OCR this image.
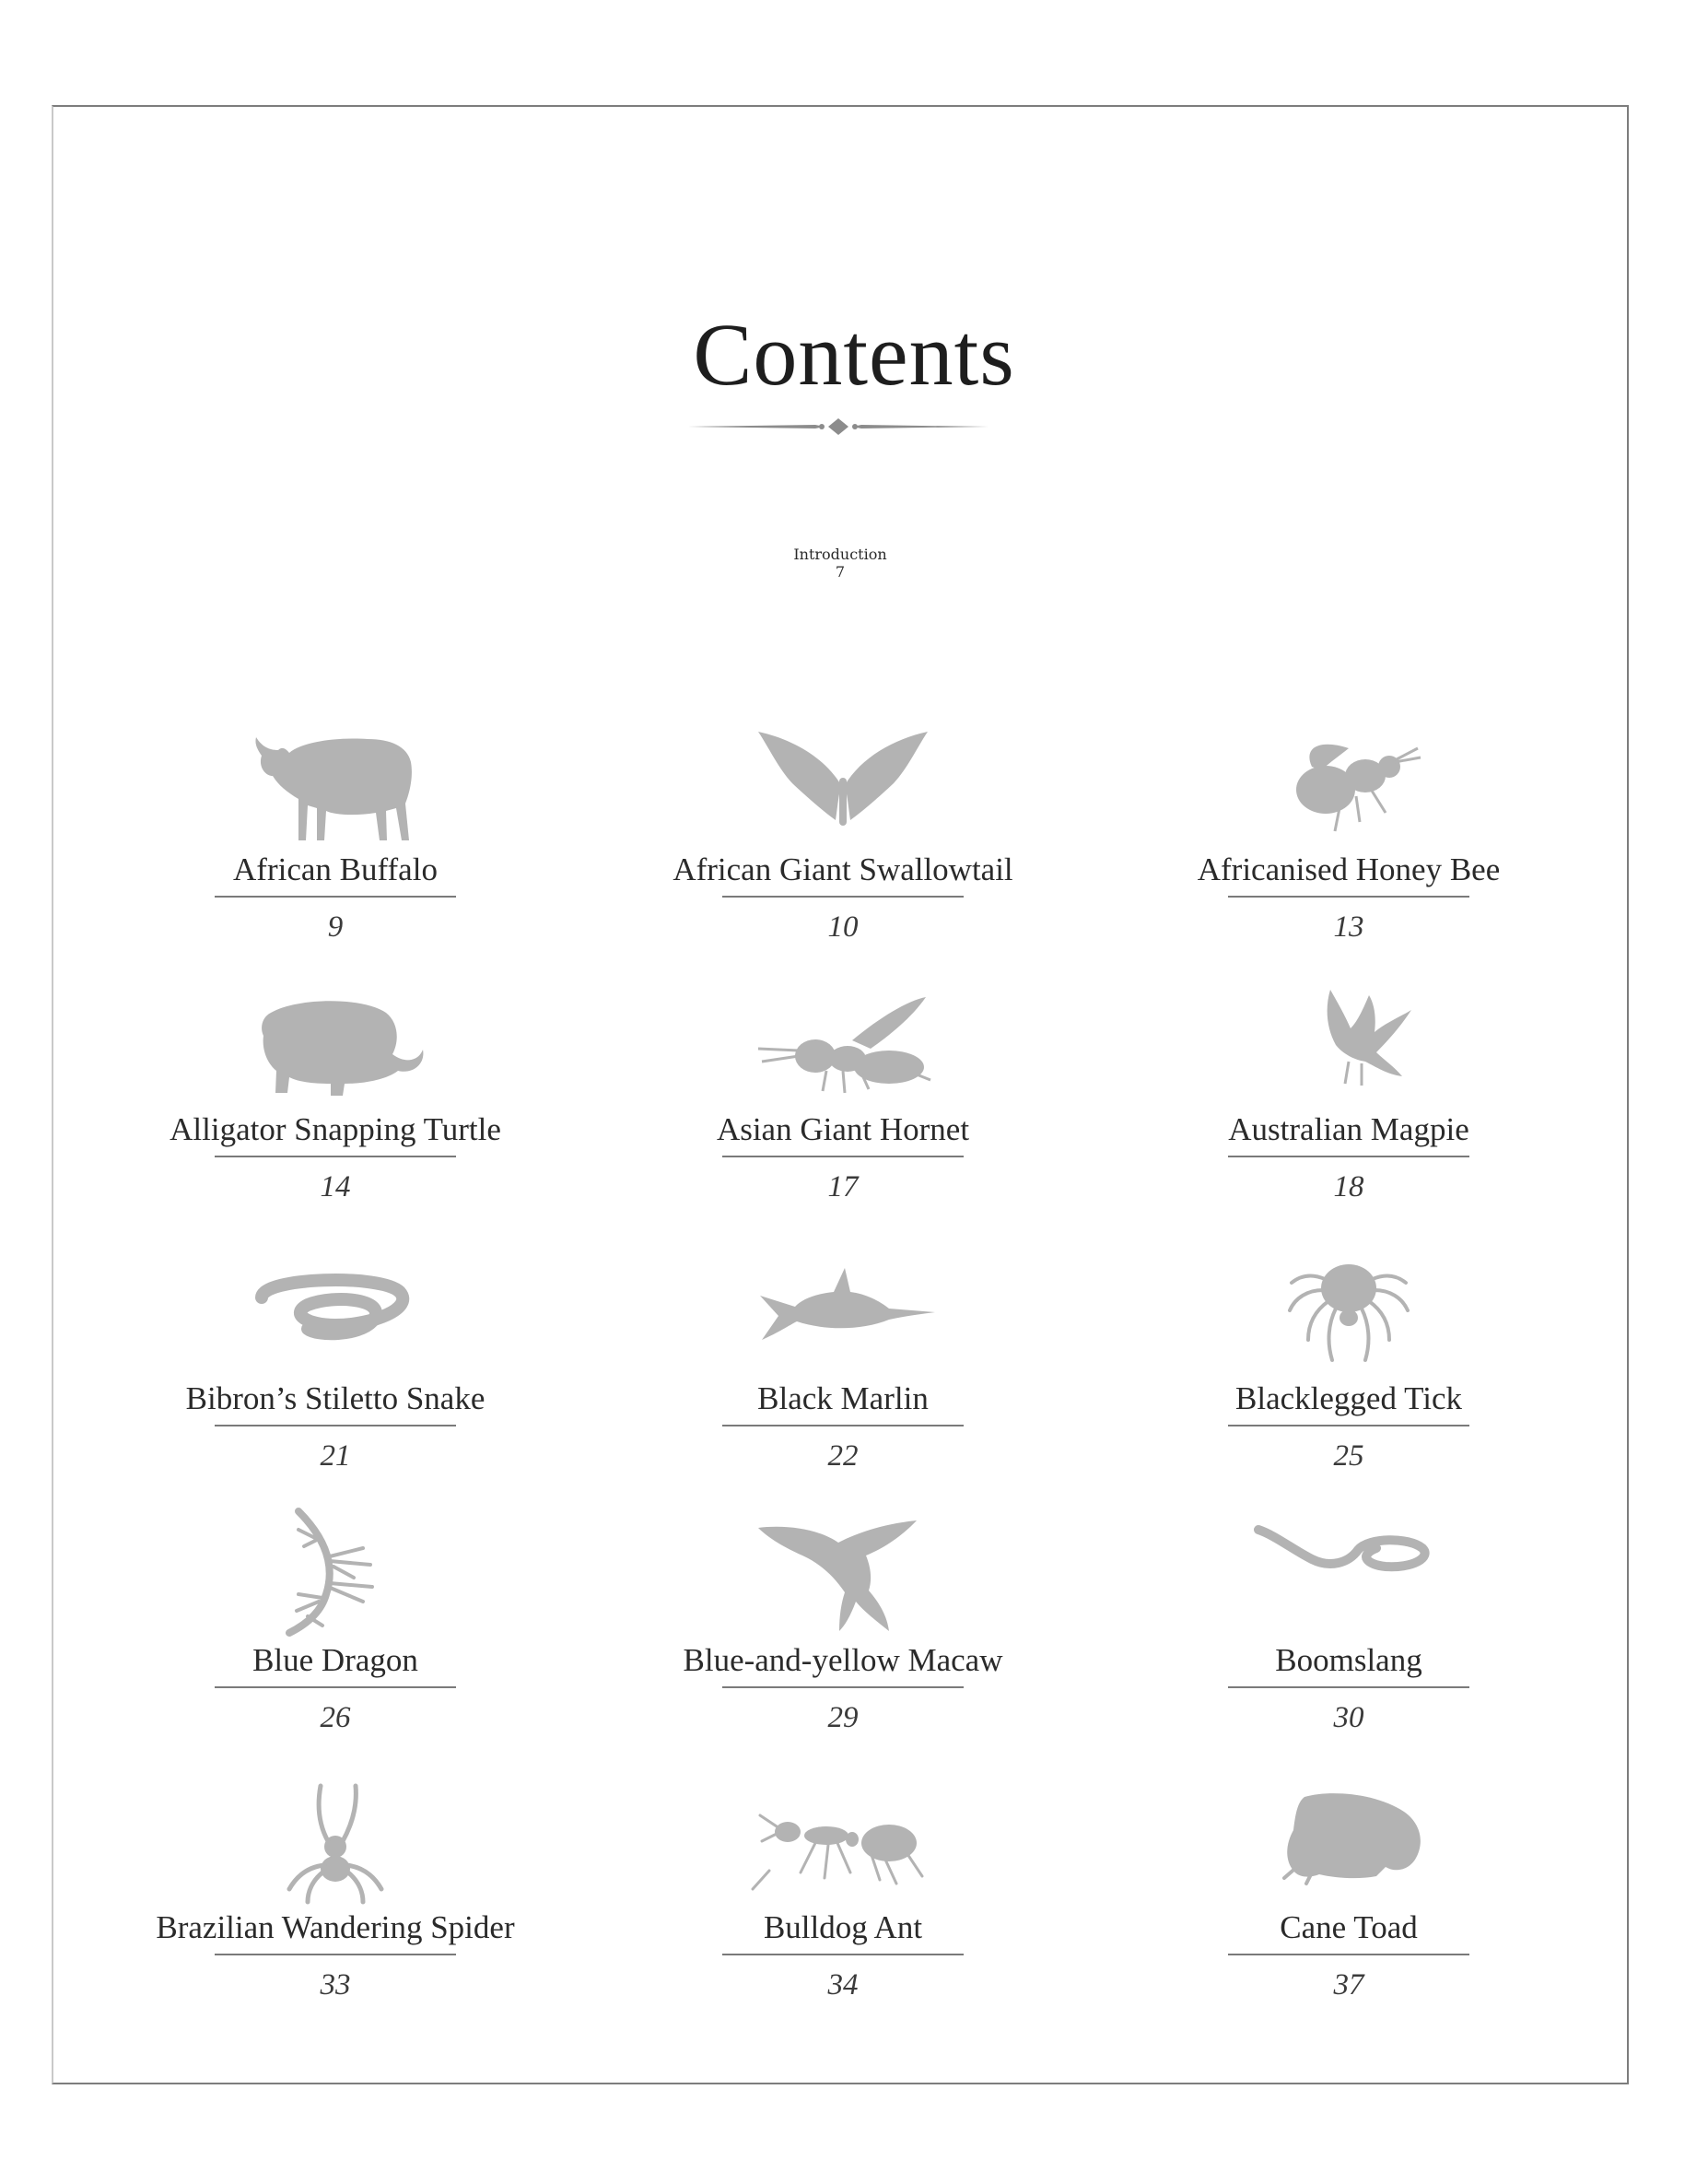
Contents
Introduction
7
African Buffalo
9
African Giant Swallowtail
10
Africanised Honey Bee
13
Alligator Snapping Turtle
14
Asian Giant Hornet
17
Australian Magpie
18
Bibron’s Stiletto Snake
21
Black Marlin
22
Blacklegged Tick
25
Blue Dragon
26
Blue-and-yellow Macaw
29
Boomslang
30
Brazilian Wandering Spider
33
Bulldog Ant
34
Cane Toad
37
